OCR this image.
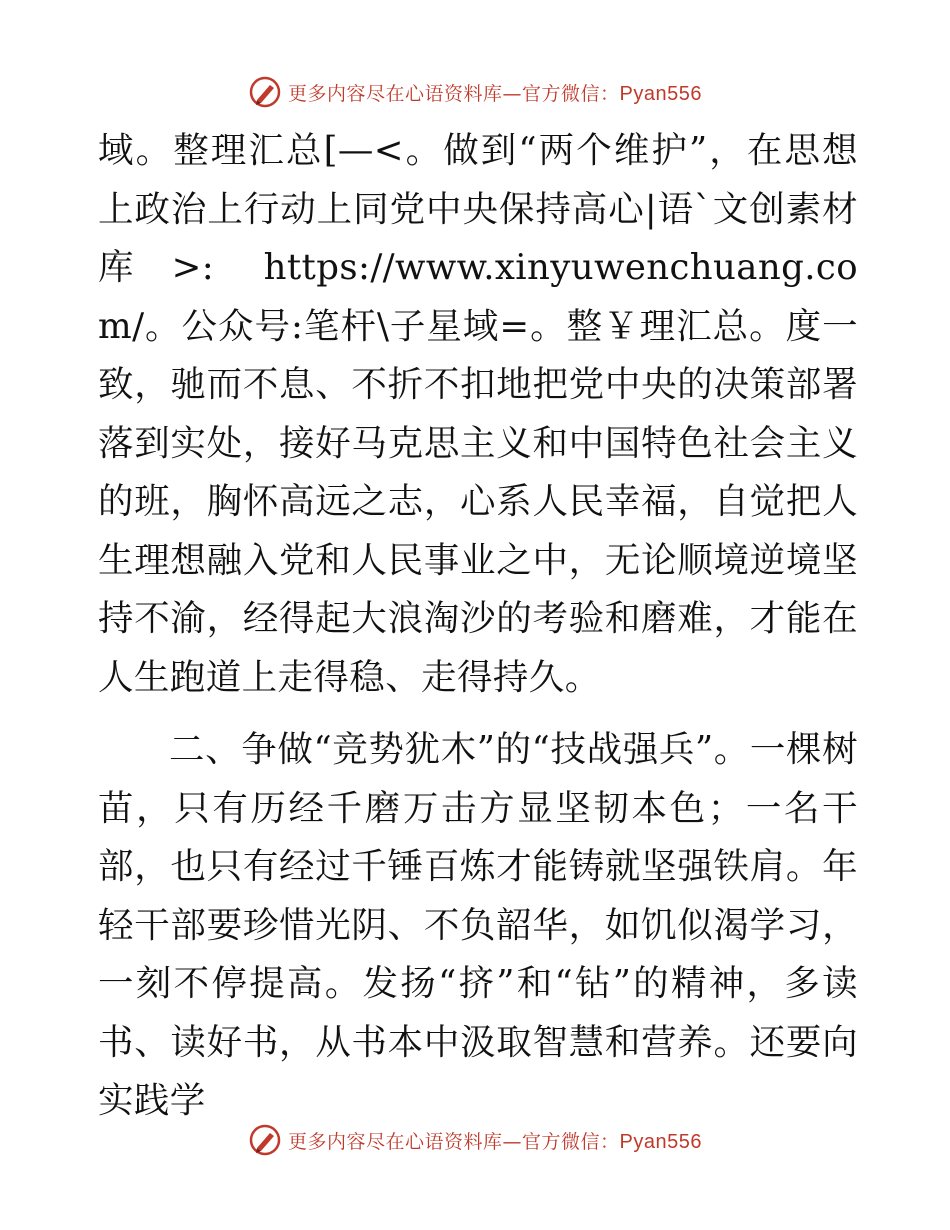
更多内容尽在心语资料库—官方微信：Pyan556

域。整理汇总[—<。做到“两个维护”，在思想上政治上行动上同党中央保持高心|语`文创素材库>: https://www.xinyuwenchuang.com/。公众号:笔杆\子星域=。整￥理汇总。度一致，驰而不息、不折不扣地把党中央的决策部署落到实处，接好马克思主义和中国特色社会主义的班，胸怀高远之志，心系人民幸福，自觉把人生理想融入党和人民事业之中，无论顺境逆境坚持不渝，经得起大浪淘沙的考验和磨难，才能在人生跑道上走得稳、走得持久。

二、争做“竞势犹木”的“技战强兵”。一棵树苗，只有历经千磨万击方显坚韧本色；一名干部，也只有经过千锤百炼才能铸就坚强铁肩。年轻干部要珍惜光阴、不负韶华，如饥似渴学习，一刻不停提高。发扬“挤”和“钻”的精神，多读书、读好书，从书本中汲取智慧和营养。还要向实践学

更多内容尽在心语资料库—官方微信：Pyan556
